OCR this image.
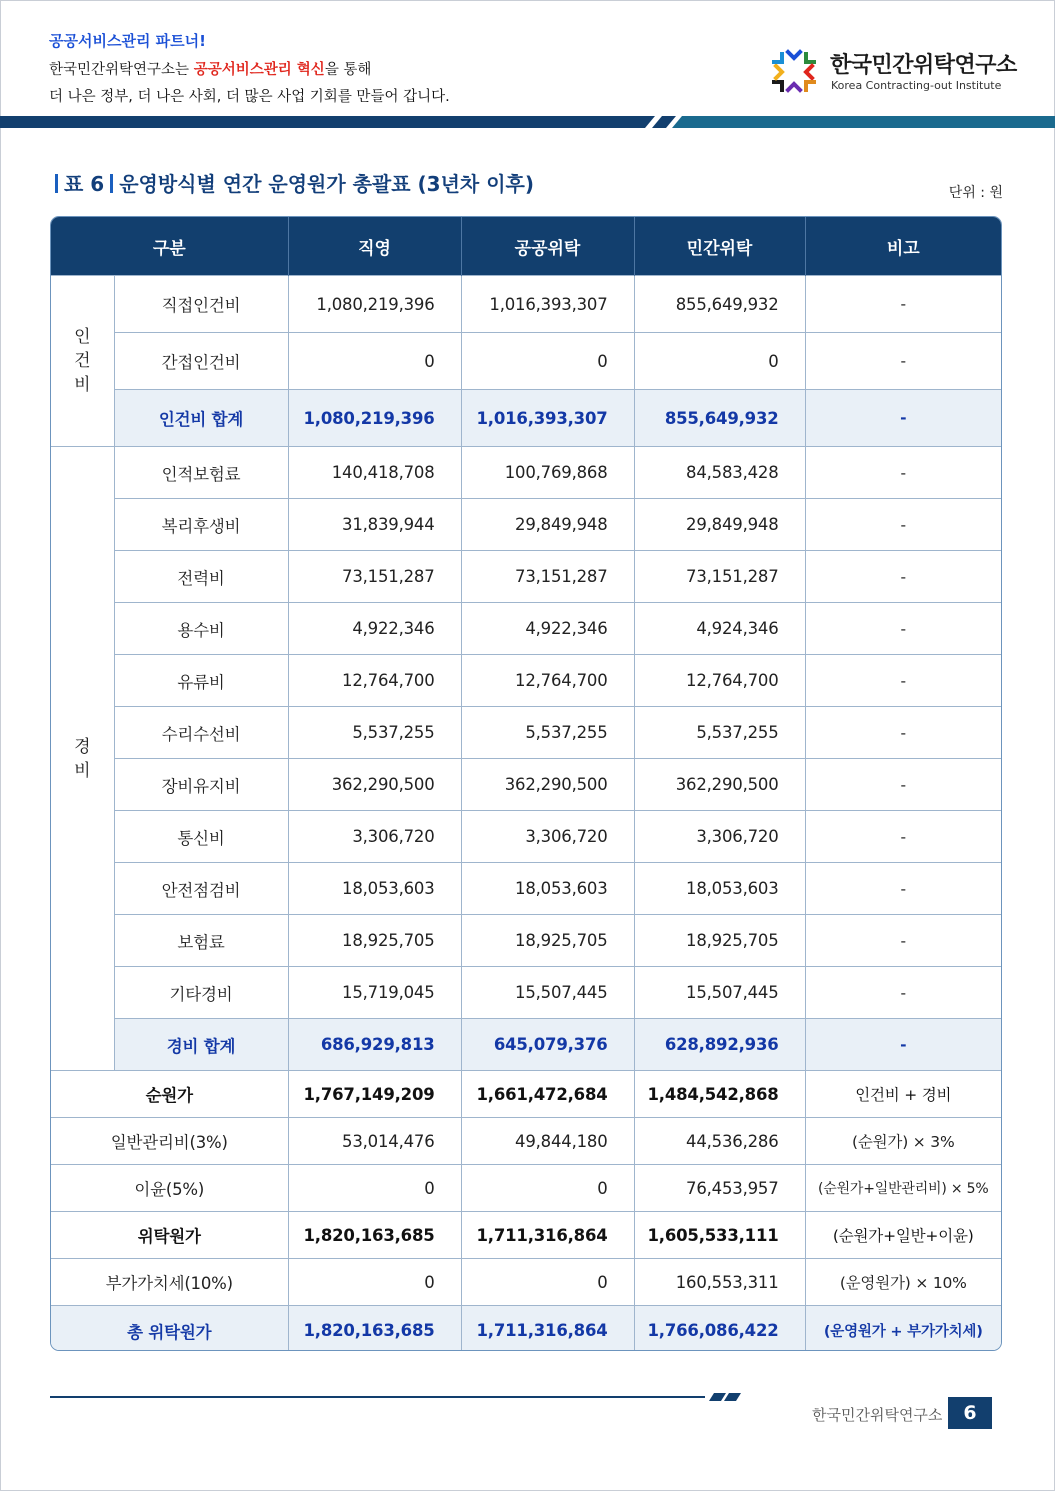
공공서비스관리 파트너!
한국민간위탁연구소는 공공서비스관리 혁신을 통해
더 나은 정부, 더 나은 사회, 더 많은 사업 기회를 만들어 갑니다.
한국민간위탁연구소
Korea Contracting-out Institute
표 6 운영방식별 연간 운영원가 총괄표 (3년차 이후)	단위 : 원
구분		직영	공공위탁	민간위탁	비고
인
건
비	직접인건비	1,080,219,396	1,016,393,307	855,649,932	-
	간접인건비	0	0	0	-
	인건비 합계	1,080,219,396	1,016,393,307	855,649,932	-
경
비	인적보험료	140,418,708	100,769,868	84,583,428	-
	복리후생비	31,839,944	29,849,948	29,849,948	-
	전력비	73,151,287	73,151,287	73,151,287	-
	용수비	4,922,346	4,922,346	4,924,346	-
	유류비	12,764,700	12,764,700	12,764,700	-
	수리수선비	5,537,255	5,537,255	5,537,255	-
	장비유지비	362,290,500	362,290,500	362,290,500	-
	통신비	3,306,720	3,306,720	3,306,720	-
	안전점검비	18,053,603	18,053,603	18,053,603	-
	보험료	18,925,705	18,925,705	18,925,705	-
	기타경비	15,719,045	15,507,445	15,507,445	-
	경비 합계	686,929,813	645,079,376	628,892,936	-
순원가		1,767,149,209	1,661,472,684	1,484,542,868	인건비 + 경비
일반관리비(3%)		53,014,476	49,844,180	44,536,286	(순원가) × 3%
이윤(5%)		0	0	76,453,957	(순원가+일반관리비) × 5%
위탁원가		1,820,163,685	1,711,316,864	1,605,533,111	(순원가+일반+이윤)
부가가치세(10%)		0	0	160,553,311	(운영원가) × 10%
총 위탁원가		1,820,163,685	1,711,316,864	1,766,086,422	(운영원가 + 부가가치세)
한국민간위탁연구소	6
